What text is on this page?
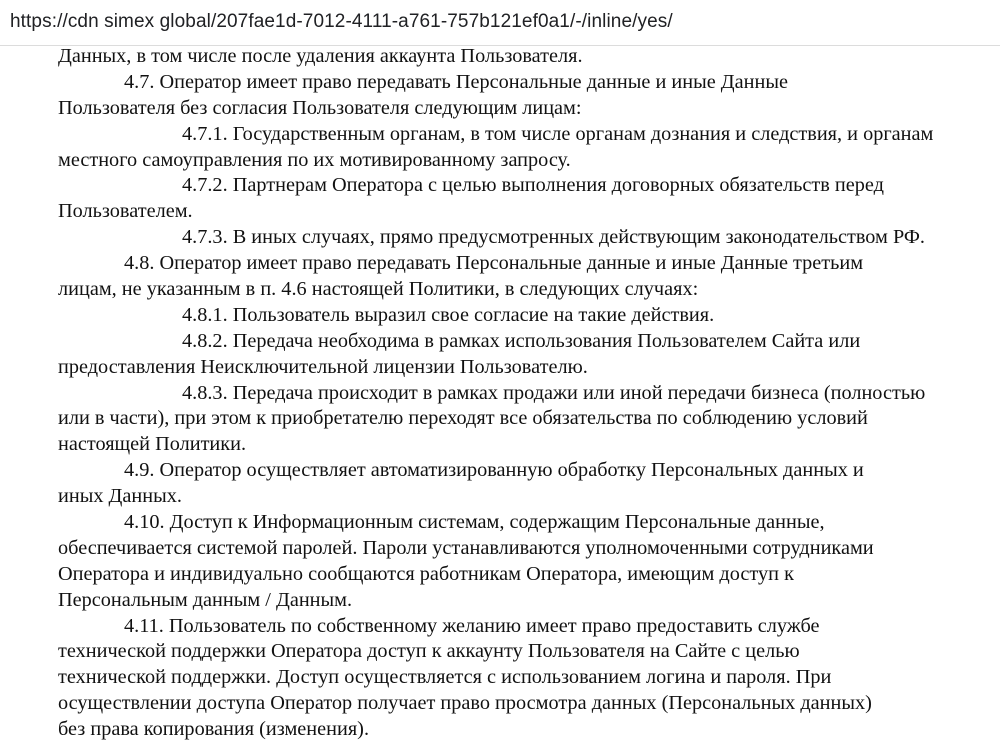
https://cdn simex global/207fae1d-7012-4111-a761-757b121ef0a1/-/inline/yes/
Данных, в том числе после удаления аккаунта Пользователя.
4.7. Оператор имеет право передавать Персональные данные и иные Данные
Пользователя без согласия Пользователя следующим лицам:
4.7.1. Государственным органам, в том числе органам дознания и следствия, и органам
местного самоуправления по их мотивированному запросу.
4.7.2. Партнерам Оператора с целью выполнения договорных обязательств перед
Пользователем.
4.7.3. В иных случаях, прямо предусмотренных действующим законодательством РФ.
4.8. Оператор имеет право передавать Персональные данные и иные Данные третьим
лицам, не указанным в п. 4.6 настоящей Политики, в следующих случаях:
4.8.1. Пользователь выразил свое согласие на такие действия.
4.8.2. Передача необходима в рамках использования Пользователем Сайта или
предоставления Неисключительной лицензии Пользователю.
4.8.3. Передача происходит в рамках продажи или иной передачи бизнеса (полностью
или в части), при этом к приобретателю переходят все обязательства по соблюдению условий
настоящей Политики.
4.9. Оператор осуществляет автоматизированную обработку Персональных данных и
иных Данных.
4.10. Доступ к Информационным системам, содержащим Персональные данные,
обеспечивается системой паролей. Пароли устанавливаются уполномоченными сотрудниками
Оператора и индивидуально сообщаются работникам Оператора, имеющим доступ к
Персональным данным / Данным.
4.11. Пользователь по собственному желанию имеет право предоставить службе
технической поддержки Оператора доступ к аккаунту Пользователя на Сайте с целью
технической поддержки. Доступ осуществляется с использованием логина и пароля. При
осуществлении доступа Оператор получает право просмотра данных (Персональных данных)
без права копирования (изменения).
